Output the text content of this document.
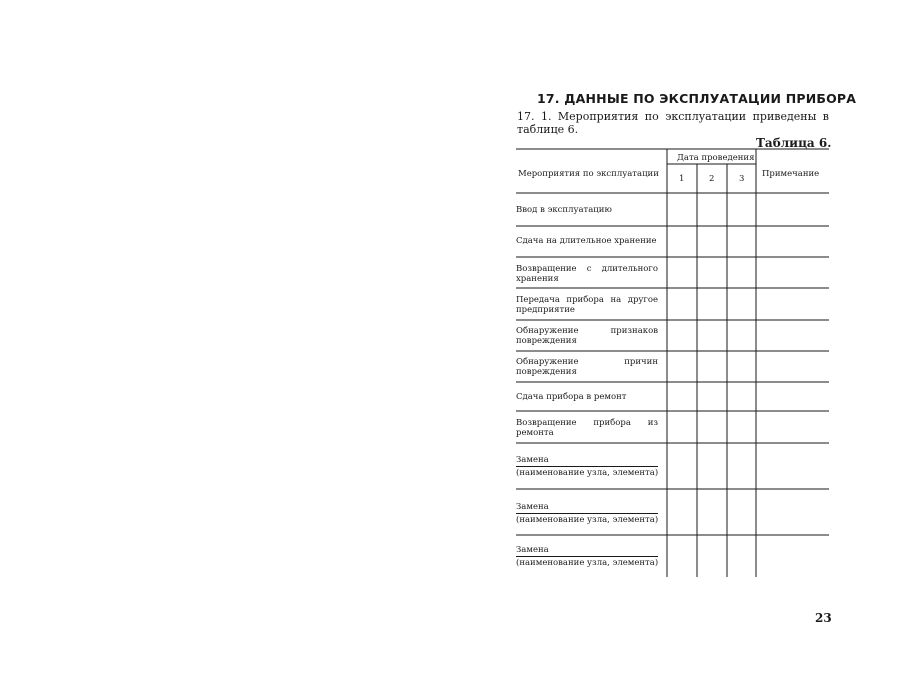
17. ДАННЫЕ ПО ЭКСПЛУАТАЦИИ ПРИБОРА
17. 1. Мероприятия по эксплуатации приведены в таблице 6.
Таблица 6.
Мероприятия по эксплуатации
Дата проведения
1	2	3 Примечание
Ввод в эксплуатацию
Сдача на длительное хранение
Возвращение с длительного хранения
Передача прибора на другое предприятие
Обнаружение признаков повреждения
Обнаружение причин повреждения
Сдача прибора в ремонт
Возвращение прибора из ремонта
Замена
(наименование узла, элемента)
Замена
(наименование узла, элемента)
Замена
(наименование узла, элемента)
23
